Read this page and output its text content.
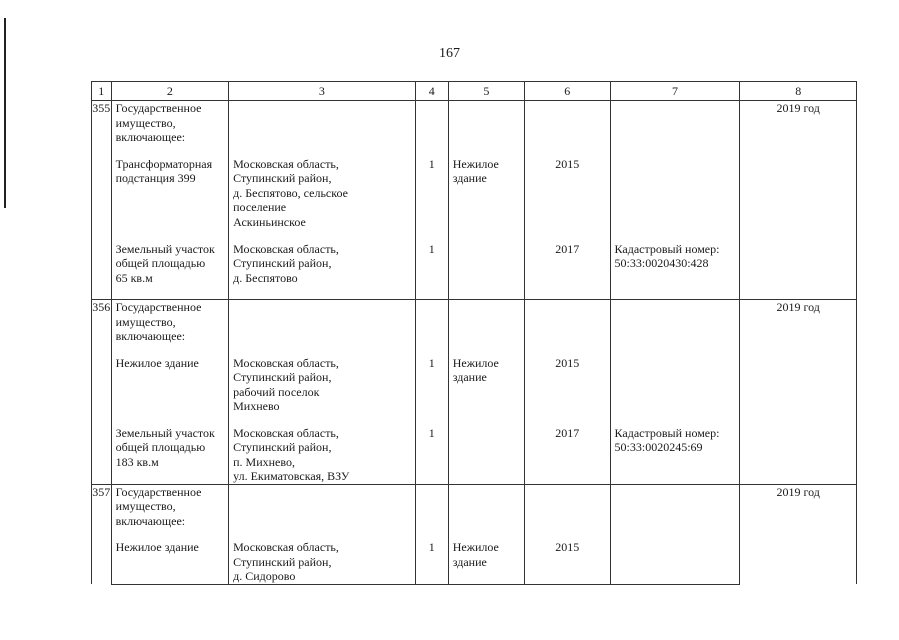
167
1	2	3	4	5	6	7	8

355	Государственное
имущество,
включающее:						2019 год

	Трансформаторная
подстанция 399	Московская область,
Ступинский район,
д. Беспятово, сельское
поселение
Аскиньинское	1	Нежилое
здание	2015		

	Земельный участок
общей площадью
65 кв.м	Московская область,
Ступинский район,
д. Беспятово	1		2017	Кадастровый номер:
50:33:0020430:428	

356	Государственное
имущество,
включающее:						2019 год

	Нежилое здание	Московская область,
Ступинский район,
рабочий поселок
Михнево	1	Нежилое
здание	2015		

	Земельный участок
общей площадью
183 кв.м	Московская область,
Ступинский район,
п. Михнево,
ул. Екиматовская, ВЗУ	1		2017	Кадастровый номер:
50:33:0020245:69	

357	Государственное
имущество,
включающее:						2019 год

	Нежилое здание	Московская область,
Ступинский район,
д. Сидорово	1	Нежилое
здание	2015		
